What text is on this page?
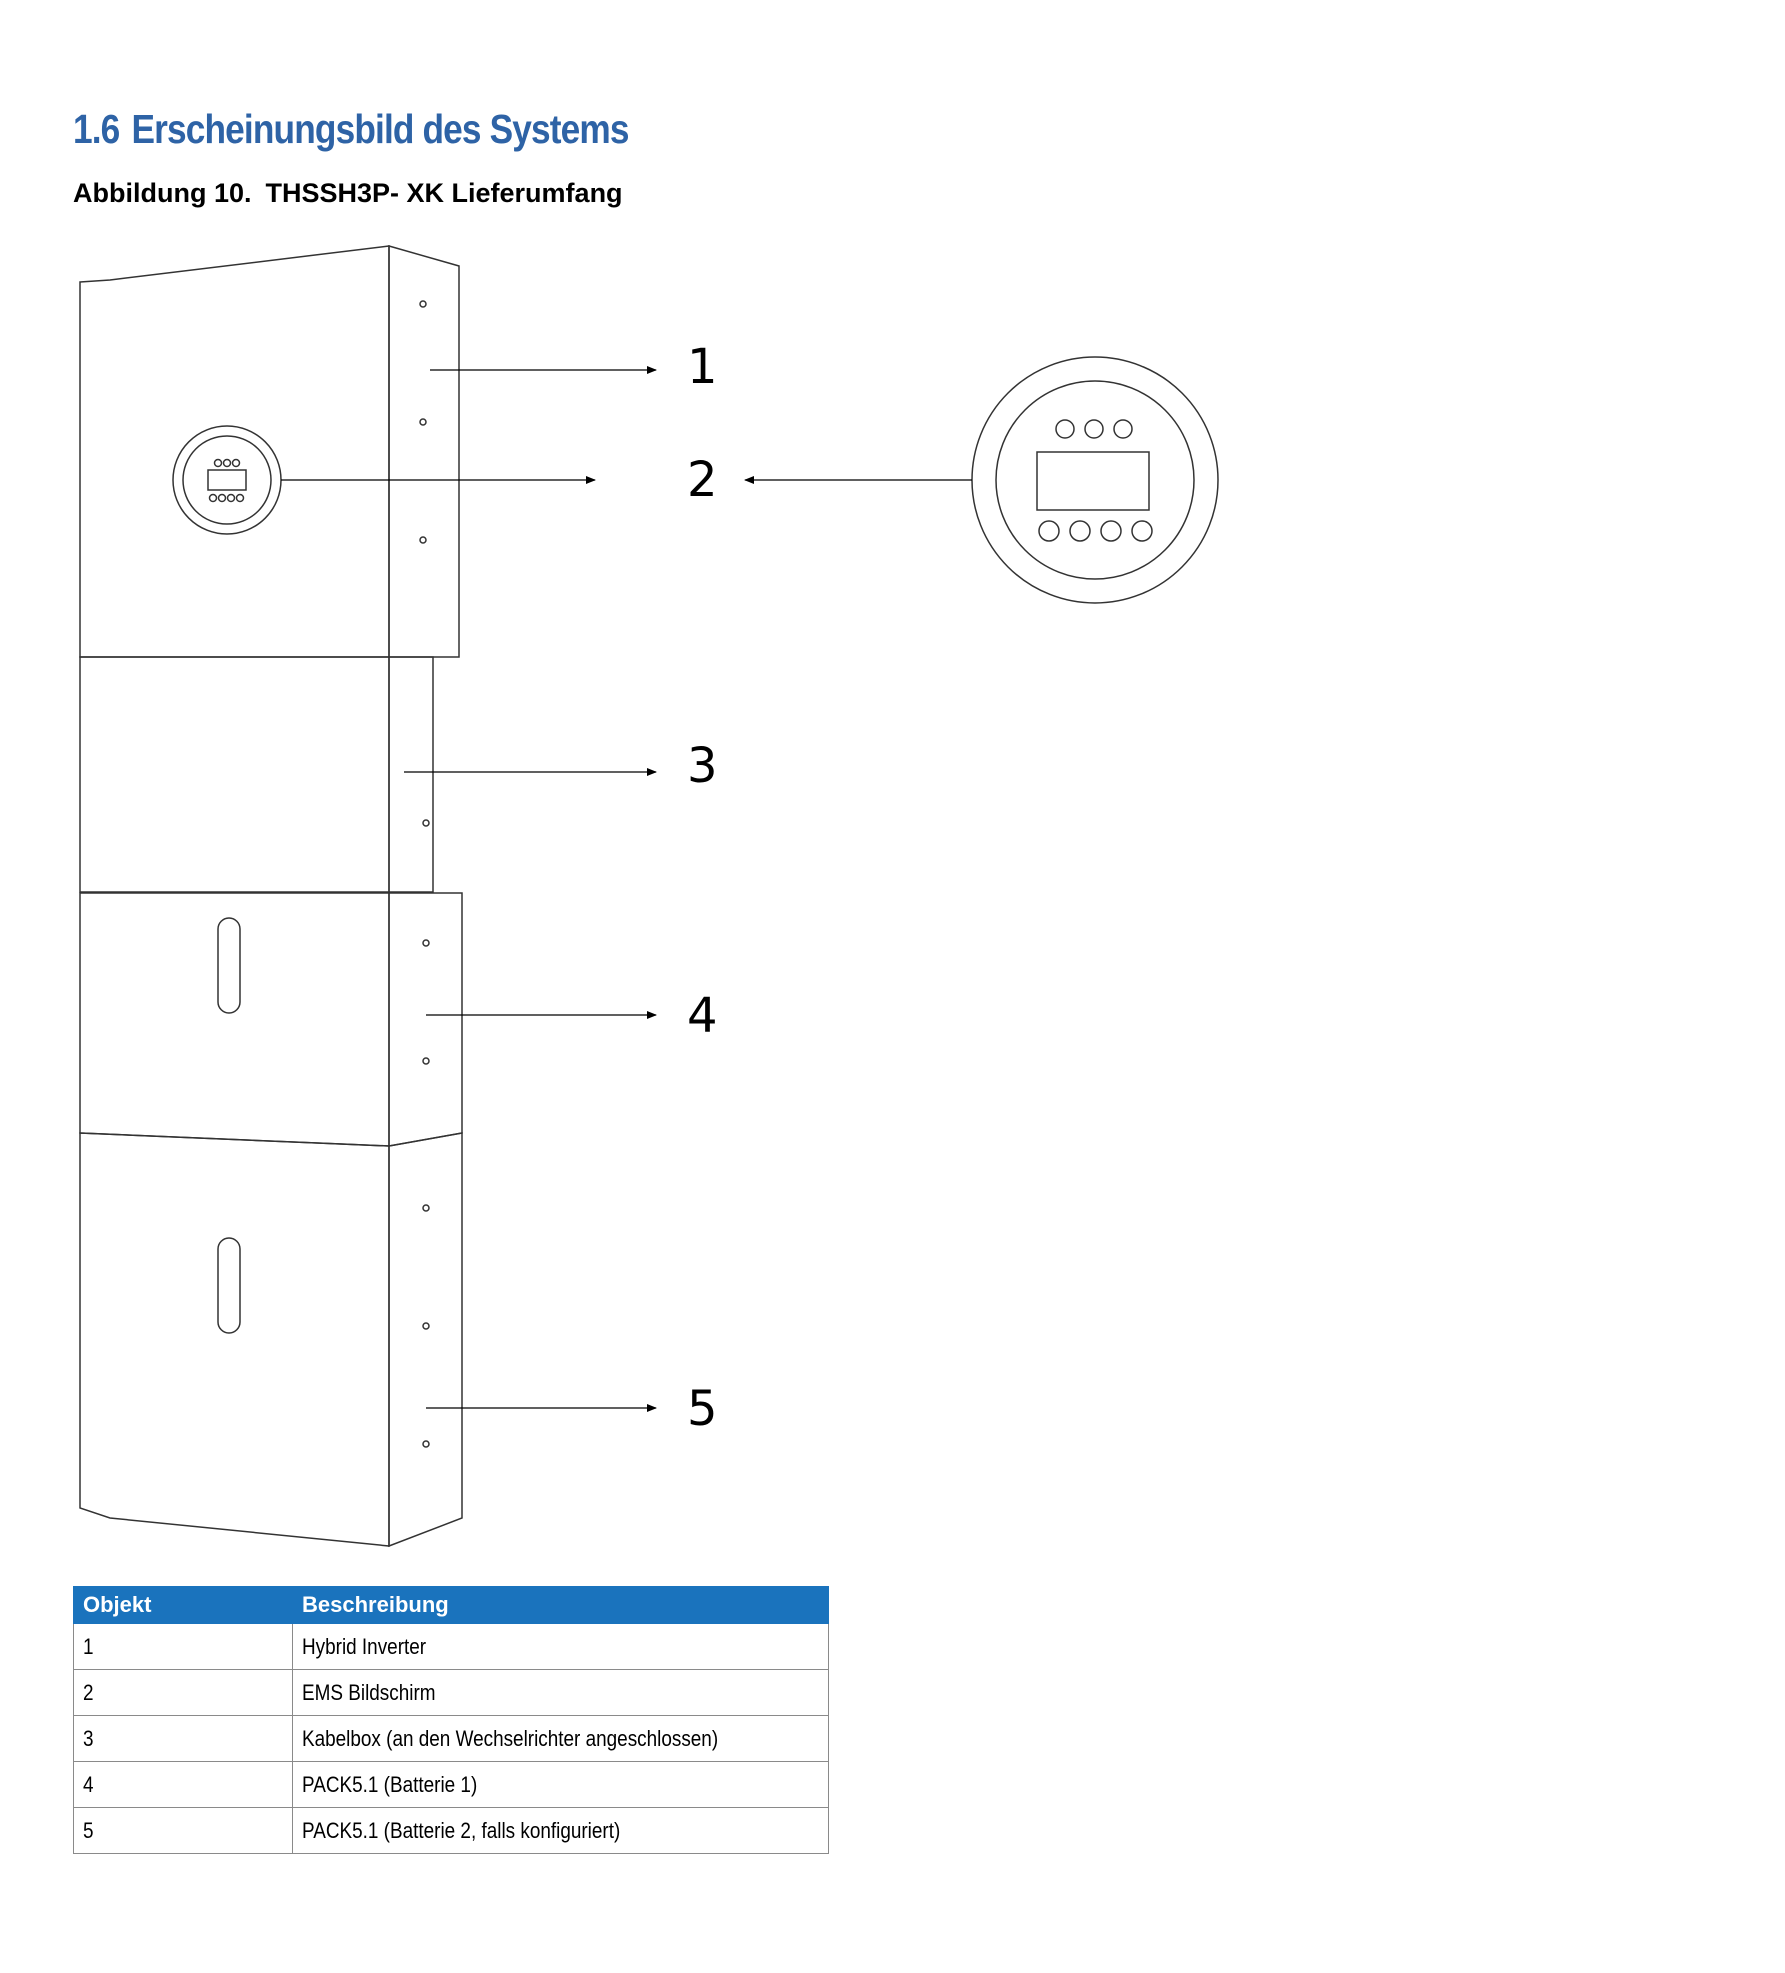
1.6 Erscheinungsbild des Systems

Abbildung 10. THSSH3P- XK Lieferumfang

1
2
3
4
5
Objekt	Beschreibung
1	Hybrid Inverter
2	EMS Bildschirm
3	Kabelbox (an den Wechselrichter angeschlossen)
4	PACK5.1 (Batterie 1)
5	PACK5.1 (Batterie 2, falls konfiguriert)
